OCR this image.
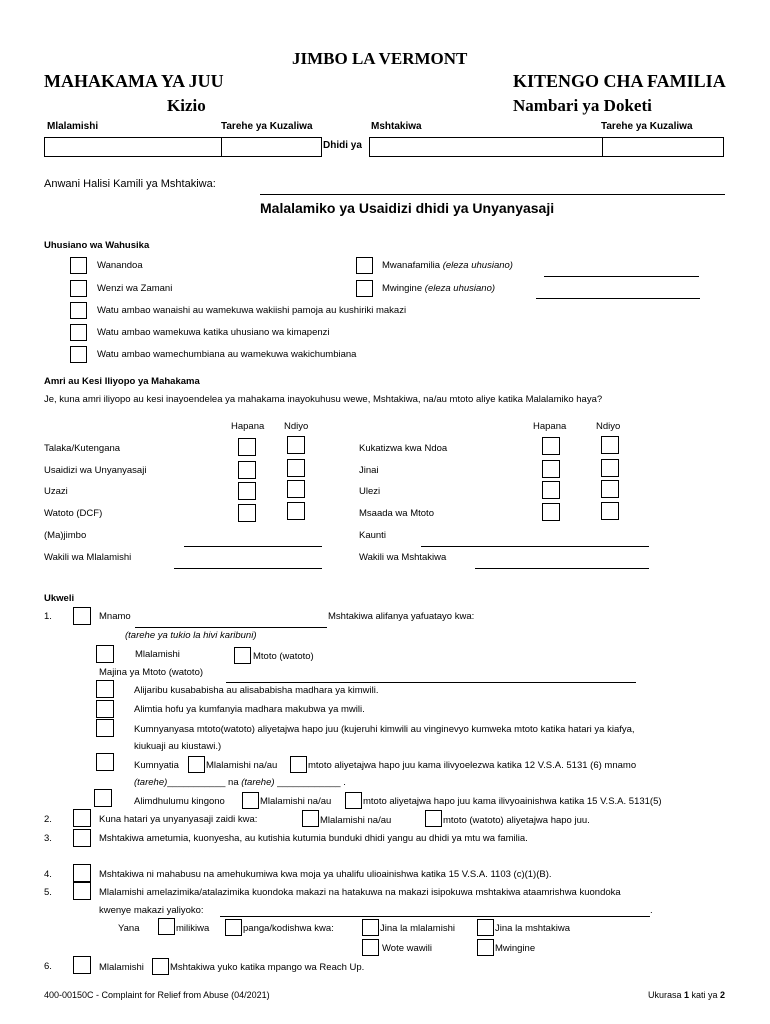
JIMBO LA VERMONT
MAHAKAMA YA JUU
Kizio
KITENGO CHA FAMILIA
Nambari ya Doketi
Mlalamishi	Tarehe ya Kuzaliwa	Mshtakiwa	Tarehe ya Kuzaliwa
Dhidi ya
Anwani Halisi Kamili ya Mshtakiwa:
Malalamiko ya Usaidizi dhidi ya Unyanyasaji
Uhusiano wa Wahusika
Wanandoa
Wenzi wa Zamani
Mwanafamilia (eleza uhusiano)
Mwingine (eleza uhusiano)
Watu ambao wanaishi au wamekuwa wakiishi pamoja au kushiriki makazi
Watu ambao wamekuwa katika uhusiano wa kimapenzi
Watu ambao wamechumbiana au wamekuwa wakichumbiana
Amri au Kesi Iliyopo ya Mahakama
Je, kuna amri iliyopo au kesi inayoendelea ya mahakama inayokuhusu wewe, Mshtakiwa, na/au mtoto aliye katika Malalamiko haya?
Hapana Ndiyo	Hapana	Ndiyo
Talaka/Kutengana
Usaidizi wa Unyanyasaji
Uzazi
Watoto (DCF)
Kukatizwa kwa Ndoa
Jinai
Ulezi
Msaada wa Mtoto
(Ma)jimbo	Kaunti
Wakili wa Mlalamishi	Wakili wa Mshtakiwa
Ukweli
1.	Mnamo	Mshtakiwa alifanya yafuatayo kwa:
(tarehe ya tukio la hivi karibuni)
Mlalamishi	Mtoto (watoto)
Majina ya Mtoto (watoto)
Alijaribu kusababisha au alisababisha madhara ya kimwili.
Alimtia hofu ya kumfanyia madhara makubwa ya mwili.
Kumnyanyasa mtoto(watoto) aliyetajwa hapo juu (kujeruhi kimwili au vinginevyo kumweka mtoto katika hatari ya kiafya,
kiukuaji au kiustawi.)
Kumnyatia	Mlalamishi na/au	mtoto aliyetajwa hapo juu kama ilivyoelezwa katika 12 V.S.A. 5131 (6) mnamo
(tarehe)___________ na (tarehe) ____________ .
Alimdhulumu kingono	Mlalamishi na/au	mtoto aliyetajwa hapo juu kama ilivyoainishwa katika 15 V.S.A. 5131(5)
2.	Kuna hatari ya unyanyasaji zaidi kwa:	Mlalamishi na/au	mtoto (watoto) aliyetajwa hapo juu.
3.	Mshtakiwa ametumia, kuonyesha, au kutishia kutumia bunduki dhidi yangu au dhidi ya mtu wa familia.
4.	Mshtakiwa ni mahabusu na amehukumiwa kwa moja ya uhalifu ulioainishwa katika 15 V.S.A. 1103 (c)(1)(B).
5.	Mlalamishi amelazimika/atalazimika kuondoka makazi na hatakuwa na makazi isipokuwa mshtakiwa ataamrishwa kuondoka
kwenye makazi yaliyoko:	.
Yana	milikiwa	panga/kodishwa kwa:	Jina la mlalamishi	Jina la mshtakiwa
Wote wawili	Mwingine
6.	Mlalamishi	Mshtakiwa yuko katika mpango wa Reach Up.
400-00150C - Complaint for Relief from Abuse (04/2021)	Ukurasa 1 kati ya 2
